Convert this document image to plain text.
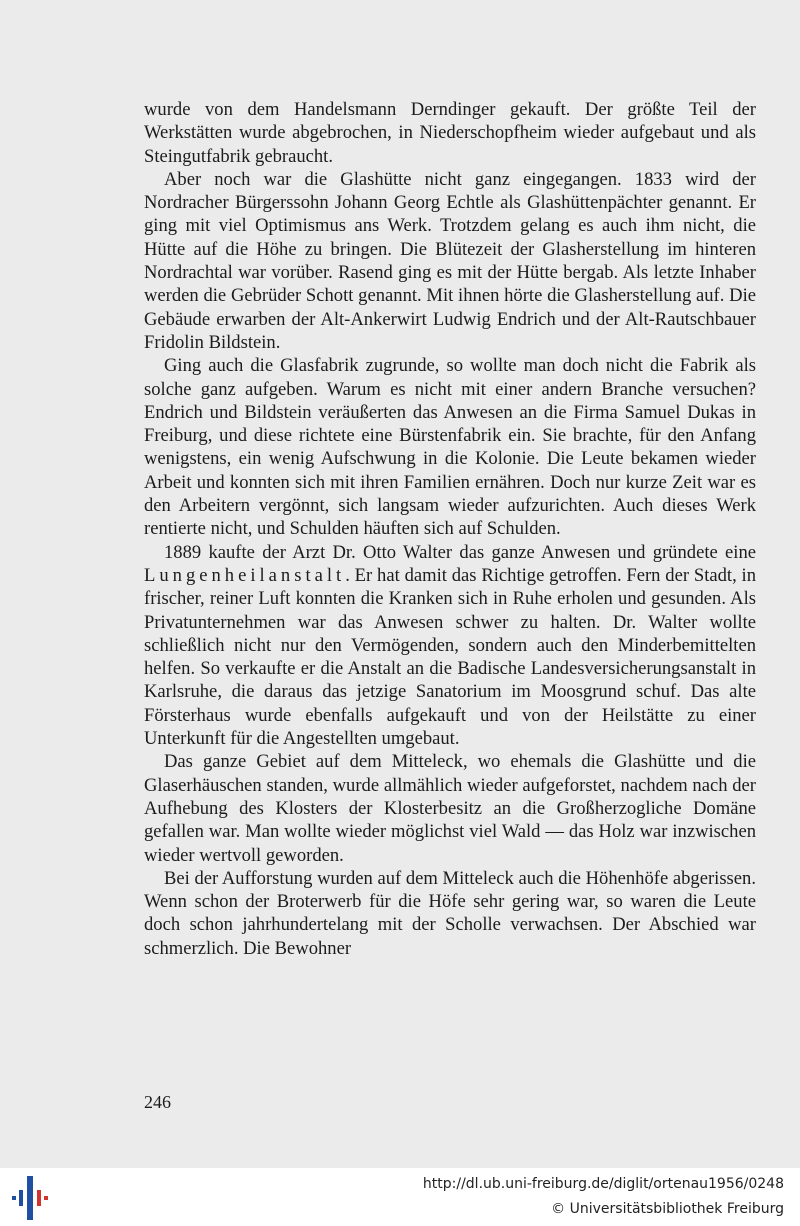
wurde von dem Handelsmann Derndinger gekauft. Der größte Teil der Werkstätten wurde abgebrochen, in Niederschopfheim wieder aufgebaut und als Steingutfabrik gebraucht.

Aber noch war die Glashütte nicht ganz eingegangen. 1833 wird der Nordracher Bürgerssohn Johann Georg Echtle als Glashüttenpächter genannt. Er ging mit viel Optimismus ans Werk. Trotzdem gelang es auch ihm nicht, die Hütte auf die Höhe zu bringen. Die Blütezeit der Glasherstellung im hinteren Nordrachtal war vorüber. Rasend ging es mit der Hütte bergab. Als letzte Inhaber werden die Gebrüder Schott genannt. Mit ihnen hörte die Glasherstellung auf. Die Gebäude erwarben der Alt-Ankerwirt Ludwig Endrich und der Alt-Rautschbauer Fridolin Bildstein.

Ging auch die Glasfabrik zugrunde, so wollte man doch nicht die Fabrik als solche ganz aufgeben. Warum es nicht mit einer andern Branche versuchen? Endrich und Bildstein veräußerten das Anwesen an die Firma Samuel Dukas in Freiburg, und diese richtete eine Bürstenfabrik ein. Sie brachte, für den Anfang wenigstens, ein wenig Aufschwung in die Kolonie. Die Leute bekamen wieder Arbeit und konnten sich mit ihren Familien ernähren. Doch nur kurze Zeit war es den Arbeitern vergönnt, sich langsam wieder aufzurichten. Auch dieses Werk rentierte nicht, und Schulden häuften sich auf Schulden.

1889 kaufte der Arzt Dr. Otto Walter das ganze Anwesen und gründete eine Lungenheilanstalt. Er hat damit das Richtige getroffen. Fern der Stadt, in frischer, reiner Luft konnten die Kranken sich in Ruhe erholen und gesunden. Als Privatunternehmen war das Anwesen schwer zu halten. Dr. Walter wollte schließlich nicht nur den Vermögenden, sondern auch den Minderbemittelten helfen. So verkaufte er die Anstalt an die Badische Landesversicherungsanstalt in Karlsruhe, die daraus das jetzige Sanatorium im Moosgrund schuf. Das alte Försterhaus wurde ebenfalls aufgekauft und von der Heilstätte zu einer Unterkunft für die Angestellten umgebaut.

Das ganze Gebiet auf dem Mitteleck, wo ehemals die Glashütte und die Glaserhäuschen standen, wurde allmählich wieder aufgeforstet, nachdem nach der Aufhebung des Klosters der Klosterbesitz an die Großherzogliche Domäne gefallen war. Man wollte wieder möglichst viel Wald — das Holz war inzwischen wieder wertvoll geworden.

Bei der Aufforstung wurden auf dem Mitteleck auch die Höhenhöfe abgerissen. Wenn schon der Broterwerb für die Höfe sehr gering war, so waren die Leute doch schon jahrhundertelang mit der Scholle verwachsen. Der Abschied war schmerzlich. Die Bewohner

246
http://dl.ub.uni-freiburg.de/diglit/ortenau1956/0248
© Universitätsbibliothek Freiburg
